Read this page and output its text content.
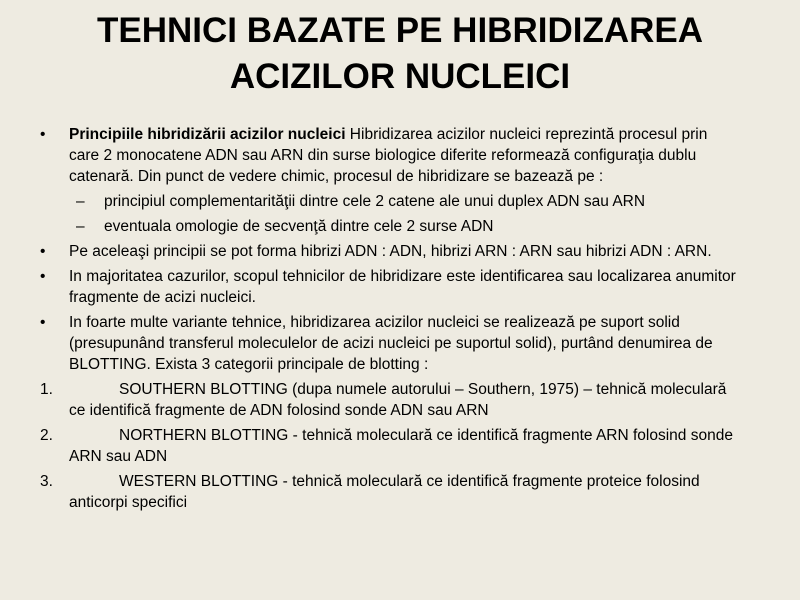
TEHNICI BAZATE PE HIBRIDIZAREA
ACIZILOR NUCLEICI
•	Principiile hibridizării acizilor nucleici Hibridizarea acizilor nucleici reprezintă procesul prin care 2 monocatene ADN sau ARN din surse biologice diferite reformează configuraţia dublu catenară. Din punct de vedere chimic, procesul de hibridizare se bazează pe :
– principiul complementarităţii dintre cele 2 catene ale unui duplex ADN sau ARN
– eventuala omologie de secvenţă dintre cele 2 surse ADN
•	Pe aceleaşi principii se pot forma hibrizi ADN : ADN, hibrizi ARN : ARN sau hibrizi ADN : ARN.
•	In majoritatea cazurilor, scopul tehnicilor de hibridizare este identificarea sau localizarea anumitor fragmente de acizi nucleici.
•	In foarte multe variante tehnice, hibridizarea acizilor nucleici se realizează pe suport solid (presupunând transferul moleculelor de acizi nucleici pe suportul solid), purtând denumirea de BLOTTING. Exista 3 categorii principale de blotting :
1.	SOUTHERN BLOTTING (dupa numele autorului – Southern, 1975) – tehnică moleculară ce identifică fragmente de ADN folosind sonde ADN sau ARN
2.	NORTHERN BLOTTING - tehnică moleculară ce identifică fragmente ARN folosind sonde ARN sau ADN
3.	WESTERN BLOTTING - tehnică moleculară ce identifică fragmente proteice folosind anticorpi specifici
